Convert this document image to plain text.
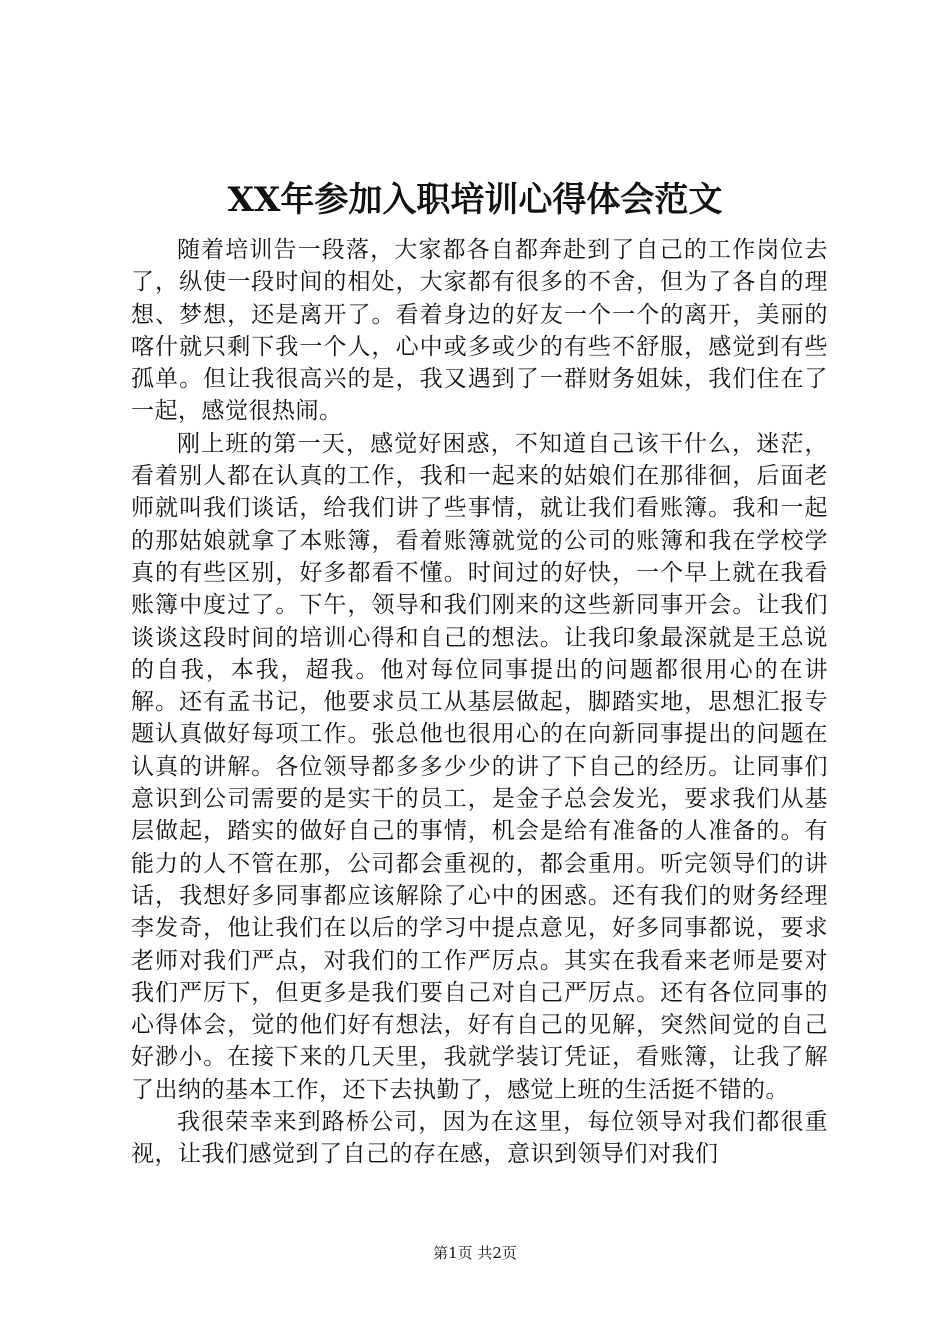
XX年参加入职培训心得体会范文

随着培训告一段落，大家都各自都奔赴到了自己的工作岗位去了，纵使一段时间的相处，大家都有很多的不舍，但为了各自的理想、梦想，还是离开了。看着身边的好友一个一个的离开，美丽的喀什就只剩下我一个人，心中或多或少的有些不舒服，感觉到有些孤单。但让我很高兴的是，我又遇到了一群财务姐妹，我们住在了一起，感觉很热闹。

刚上班的第一天，感觉好困惑，不知道自己该干什么，迷茫，看着别人都在认真的工作，我和一起来的姑娘们在那徘徊，后面老师就叫我们谈话，给我们讲了些事情，就让我们看账簿。我和一起的那姑娘就拿了本账簿，看着账簿就觉的公司的账簿和我在学校学真的有些区别，好多都看不懂。时间过的好快，一个早上就在我看账簿中度过了。下午，领导和我们刚来的这些新同事开会。让我们谈谈这段时间的培训心得和自己的想法。让我印象最深就是王总说的自我，本我，超我。他对每位同事提出的问题都很用心的在讲解。还有孟书记，他要求员工从基层做起，脚踏实地，思想汇报专题认真做好每项工作。张总他也很用心的在向新同事提出的问题在认真的讲解。各位领导都多多少少的讲了下自己的经历。让同事们意识到公司需要的是实干的员工，是金子总会发光，要求我们从基层做起，踏实的做好自己的事情，机会是给有准备的人准备的。有能力的人不管在那，公司都会重视的，都会重用。听完领导们的讲话，我想好多同事都应该解除了心中的困惑。还有我们的财务经理李发奇，他让我们在以后的学习中提点意见，好多同事都说，要求老师对我们严点，对我们的工作严厉点。其实在我看来老师是要对我们严厉下，但更多是我们要自己对自己严厉点。还有各位同事的心得体会，觉的他们好有想法，好有自己的见解，突然间觉的自己好渺小。在接下来的几天里，我就学装订凭证，看账簿，让我了解了出纳的基本工作，还下去执勤了，感觉上班的生活挺不错的。

我很荣幸来到路桥公司，因为在这里，每位领导对我们都很重视，让我们感觉到了自己的存在感，意识到领导们对我们

第1页 共2页
